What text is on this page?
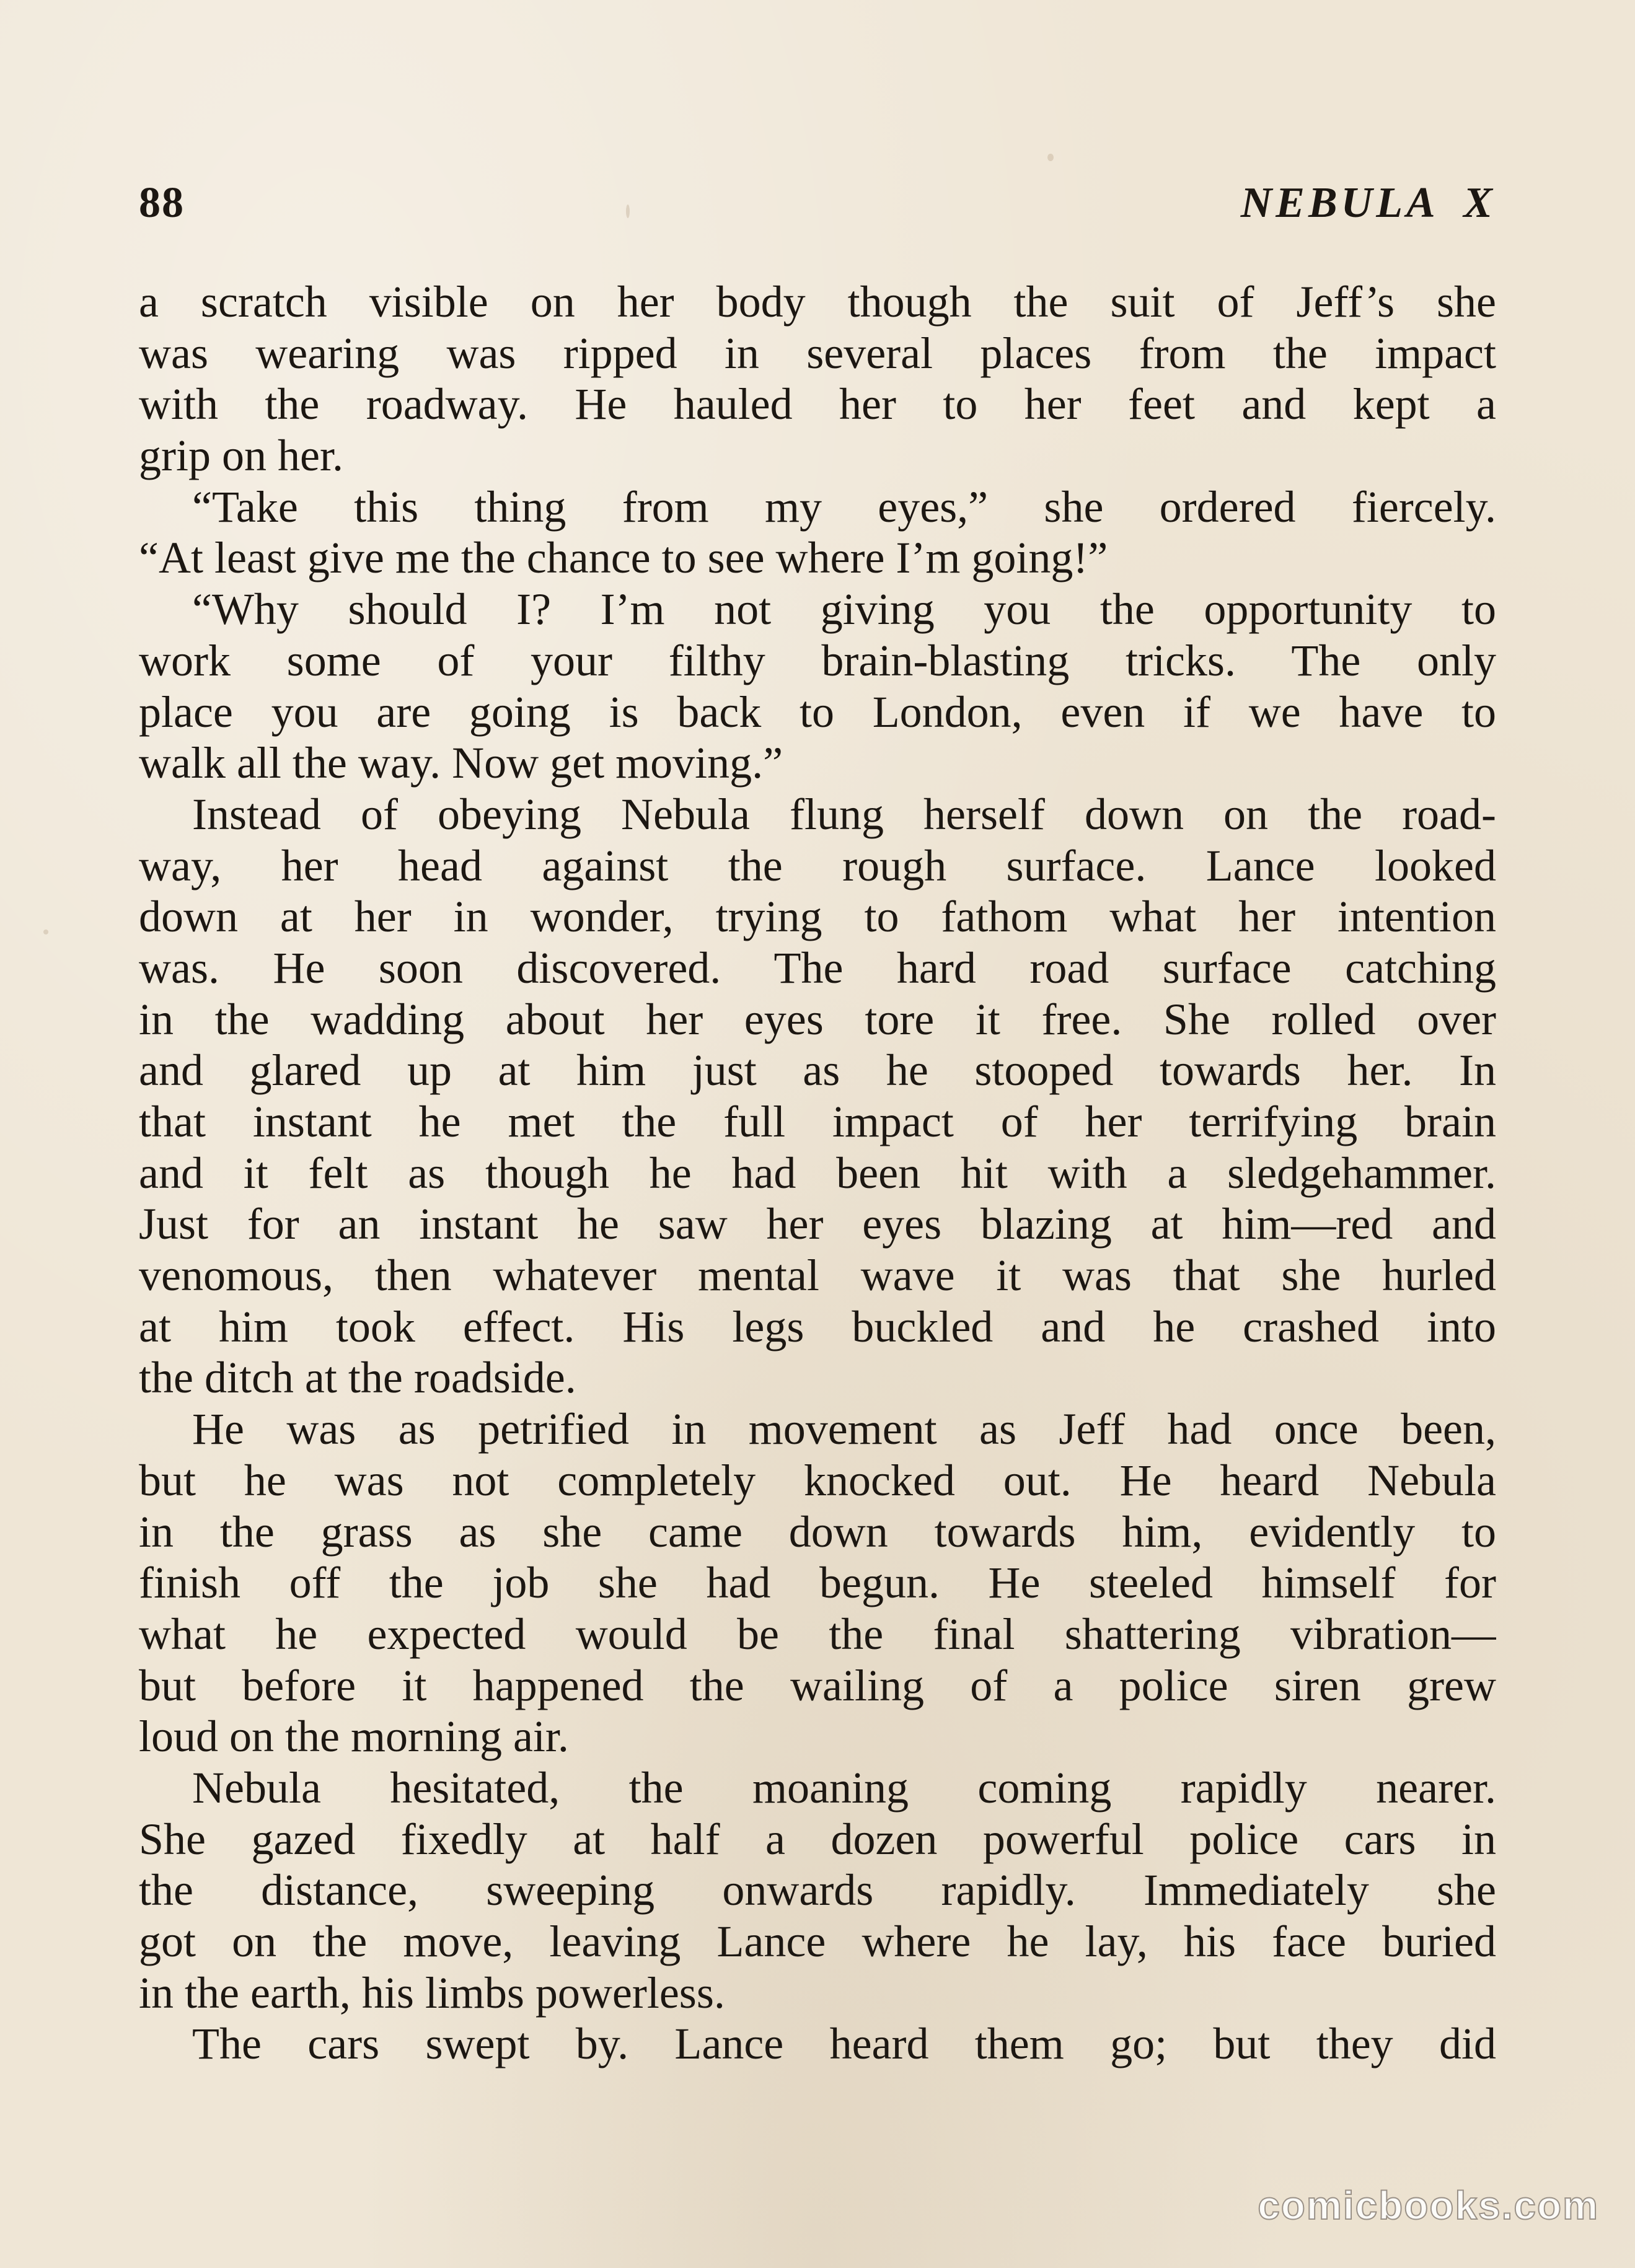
88	NEBULA X
a scratch visible on her body though the suit of Jeff’s she
was wearing was ripped in several places from the impact
with the roadway. He hauled her to her feet and kept a
grip on her.
“Take this thing from my eyes,” she ordered fiercely.
“At least give me the chance to see where I’m going!”
“Why should I? I’m not giving you the opportunity to
work some of your filthy brain-blasting tricks. The only
place you are going is back to London, even if we have to
walk all the way. Now get moving.”
Instead of obeying Nebula flung herself down on the road-
way, her head against the rough surface. Lance looked
down at her in wonder, trying to fathom what her intention
was. He soon discovered. The hard road surface catching
in the wadding about her eyes tore it free. She rolled over
and glared up at him just as he stooped towards her. In
that instant he met the full impact of her terrifying brain
and it felt as though he had been hit with a sledgehammer.
Just for an instant he saw her eyes blazing at him—red and
venomous, then whatever mental wave it was that she hurled
at him took effect. His legs buckled and he crashed into
the ditch at the roadside.
He was as petrified in movement as Jeff had once been,
but he was not completely knocked out. He heard Nebula
in the grass as she came down towards him, evidently to
finish off the job she had begun. He steeled himself for
what he expected would be the final shattering vibration—
but before it happened the wailing of a police siren grew
loud on the morning air.
Nebula hesitated, the moaning coming rapidly nearer.
She gazed fixedly at half a dozen powerful police cars in
the distance, sweeping onwards rapidly. Immediately she
got on the move, leaving Lance where he lay, his face buried
in the earth, his limbs powerless.
The cars swept by. Lance heard them go; but they did
comicbooks.com
